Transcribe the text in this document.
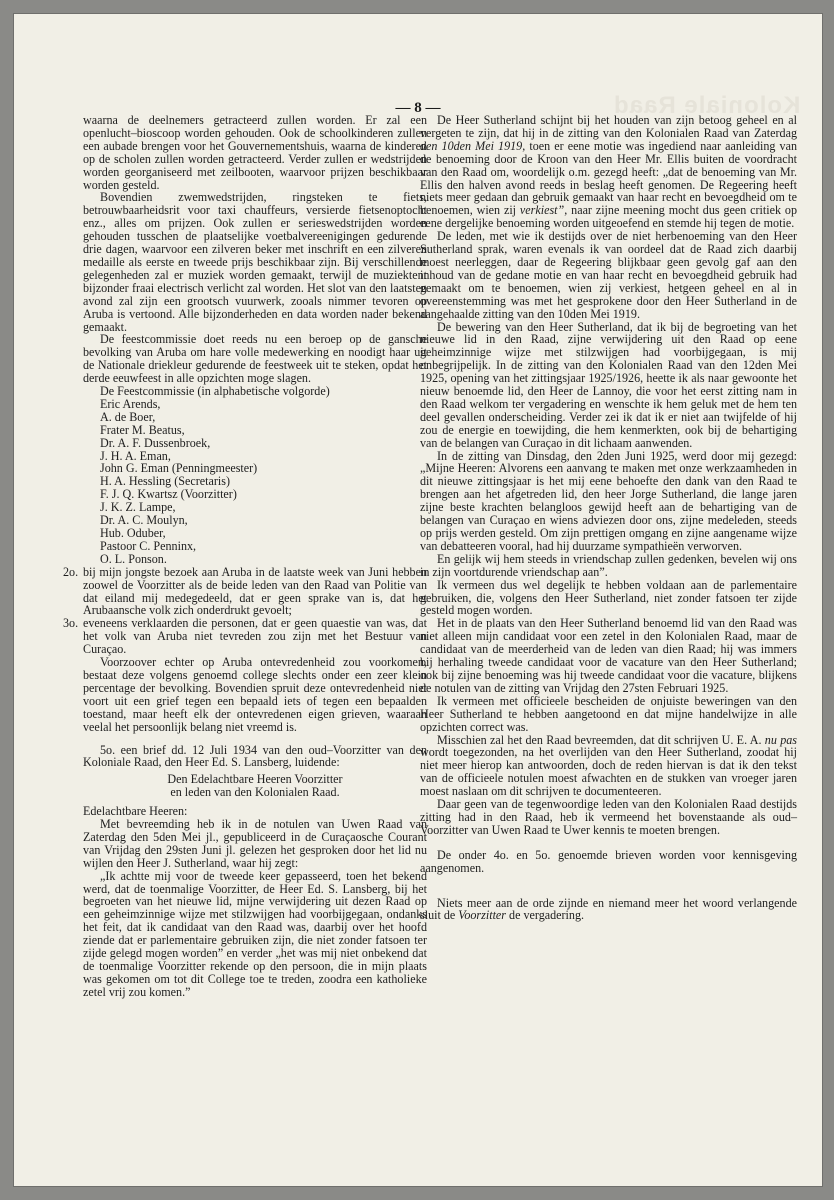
Koloniale Raad
— 8 —

waarna de deelnemers getracteerd zullen worden. Er zal een openlucht–bioscoop worden gehouden. Ook de schoolkinderen zullen een aubade brengen voor het Gouvernementshuis, waarna de kinderen op de scholen zullen worden getracteerd. Verder zullen er wedstrijden worden georganiseerd met zeilbooten, waarvoor prijzen beschikbaar worden gesteld.

Bovendien zwemwedstrijden, ringsteken te fiets, betrouwbaarheidsrit voor taxi chauffeurs, versierde fietsenoptocht enz., alles om prijzen. Ook zullen er serieswedstrijden worden gehouden tusschen de plaatselijke voetbalvereenigingen gedurende drie dagen, waarvoor een zilveren beker met inschrift en een zilveren medaille als eerste en tweede prijs beschikbaar zijn. Bij verschillende gelegenheden zal er muziek worden gemaakt, terwijl de muziektent bijzonder fraai electrisch verlicht zal worden. Het slot van den laatsten avond zal zijn een grootsch vuurwerk, zooals nimmer tevoren op Aruba is vertoond. Alle bijzonderheden en data worden nader bekend gemaakt.

De feestcommissie doet reeds nu een beroep op de gansche bevolking van Aruba om hare volle medewerking en noodigt haar uit de Nationale driekleur gedurende de feestweek uit te steken, opdat het derde eeuwfeest in alle opzichten moge slagen.

De Feestcommissie (in alphabetische volgorde)

Eric Arends,
A. de Boer,
Frater M. Beatus,
Dr. A. F. Dussenbroek,
J. H. A. Eman,
John G. Eman (Penningmeester)
H. A. Hessling (Secretaris)
F. J. Q. Kwartsz (Voorzitter)
J. K. Z. Lampe,
Dr. A. C. Moulyn,
Hub. Oduber,
Pastoor C. Penninx,
O. L. Ponson.
2o. bij mijn jongste bezoek aan Aruba in de laatste week van Juni hebben zoowel de Voorzitter als de beide leden van den Raad van Politie van dat eiland mij medegedeeld, dat er geen sprake van is, dat het Arubaansche volk zich onderdrukt gevoelt;
3o. eveneens verklaarden die personen, dat er geen quaestie van was, dat het volk van Aruba niet tevreden zou zijn met het Bestuur van Curaçao.

Voorzoover echter op Aruba ontevredenheid zou voorkomen, bestaat deze volgens genoemd college slechts onder een zeer klein percentage der bevolking. Bovendien spruit deze ontevredenheid niet voort uit een grief tegen een bepaald iets of tegen een bepaalden toestand, maar heeft elk der ontevredenen eigen grieven, waaraan veelal het persoonlijk belang niet vreemd is.

5o. een brief dd. 12 Juli 1934 van den oud–Voorzitter van den Koloniale Raad, den Heer Ed. S. Lansberg, luidende:

Den Edelachtbare Heeren Voorzitter
en leden van den Kolonialen Raad.

Edelachtbare Heeren:

Met bevreemding heb ik in de notulen van Uwen Raad van Zaterdag den 5den Mei jl., gepubliceerd in de Curaçaosche Courant van Vrijdag den 29sten Juni jl. gelezen het gesproken door het lid nu wijlen den Heer J. Sutherland, waar hij zegt:

„Ik achtte mij voor de tweede keer gepasseerd, toen het bekend werd, dat de toenmalige Voorzitter, de Heer Ed. S. Lansberg, bij het begroeten van het nieuwe lid, mijne verwijdering uit dezen Raad op een geheimzinnige wijze met stilzwijgen had voorbijgegaan, ondanks het feit, dat ik candidaat van den Raad was, daarbij over het hoofd ziende dat er parlementaire gebruiken zijn, die niet zonder fatsoen ter zijde gelegd mogen worden” en verder „het was mij niet onbekend dat de toenmalige Voorzitter rekende op den persoon, die in mijn plaats was gekomen om tot dit College toe te treden, zoodra een katholieke zetel vrij zou komen.”

De Heer Sutherland schijnt bij het houden van zijn betoog geheel en al vergeten te zijn, dat hij in de zitting van den Kolonialen Raad van Zaterdag den 10den Mei 1919, toen er eene motie was ingediend naar aanleiding van de benoeming door de Kroon van den Heer Mr. Ellis buiten de voordracht van den Raad om, woordelijk o.m. gezegd heeft: „dat de benoeming van Mr. Ellis den halven avond reeds in beslag heeft genomen. De Regeering heeft niets meer gedaan dan gebruik gemaakt van haar recht en bevoegdheid om te benoemen, wien zij verkiest”, naar zijne meening mocht dus geen critiek op eene dergelijke benoeming worden uitgeoefend en stemde hij tegen de motie.

De leden, met wie ik destijds over de niet herbenoeming van den Heer Sutherland sprak, waren evenals ik van oordeel dat de Raad zich daarbij moest neerleggen, daar de Regeering blijkbaar geen gevolg gaf aan den inhoud van de gedane motie en van haar recht en bevoegdheid gebruik had gemaakt om te benoemen, wien zij verkiest, hetgeen geheel en al in overeenstemming was met het gesprokene door den Heer Sutherland in de aangehaalde zitting van den 10den Mei 1919.

De bewering van den Heer Sutherland, dat ik bij de begroeting van het nieuwe lid in den Raad, zijne verwijdering uit den Raad op eene geheimzinnige wijze met stilzwijgen had voorbijgegaan, is mij onbegrijpelijk. In de zitting van den Kolonialen Raad van den 12den Mei 1925, opening van het zittingsjaar 1925/1926, heette ik als naar gewoonte het nieuw benoemde lid, den Heer de Lannoy, die voor het eerst zitting nam in den Raad welkom ter vergadering en wenschte ik hem geluk met de hem ten deel gevallen onderscheiding. Verder zei ik dat ik er niet aan twijfelde of hij zou de energie en toewijding, die hem kenmerkten, ook bij de behartiging van de belangen van Curaçao in dit lichaam aanwenden.

In de zitting van Dinsdag, den 2den Juni 1925, werd door mij gezegd: „Mijne Heeren: Alvorens een aanvang te maken met onze werkzaamheden in dit nieuwe zittingsjaar is het mij eene behoefte den dank van den Raad te brengen aan het afgetreden lid, den heer Jorge Sutherland, die lange jaren zijne beste krachten belangloos gewijd heeft aan de behartiging van de belangen van Curaçao en wiens adviezen door ons, zijne medeleden, steeds op prijs werden gesteld. Om zijn prettigen omgang en zijne aangename wijze van debatteeren vooral, had hij duurzame sympathieën verworven.

En gelijk wij hem steeds in vriendschap zullen gedenken, bevelen wij ons in zijn voortdurende vriendschap aan”.

Ik vermeen dus wel degelijk te hebben voldaan aan de parlementaire gebruiken, die, volgens den Heer Sutherland, niet zonder fatsoen ter zijde gesteld mogen worden.

Het in de plaats van den Heer Sutherland benoemd lid van den Raad was niet alleen mijn candidaat voor een zetel in den Kolonialen Raad, maar de candidaat van de meerderheid van de leden van dien Raad; hij was immers bij herhaling tweede candidaat voor de vacature van den Heer Sutherland; ook bij zijne benoeming was hij tweede candidaat voor die vacature, blijkens de notulen van de zitting van Vrijdag den 27sten Februari 1925.

Ik vermeen met officieele bescheiden de onjuiste beweringen van den Heer Sutherland te hebben aangetoond en dat mijne handelwijze in alle opzichten correct was.

Misschien zal het den Raad bevreemden, dat dit schrijven U. E. A. nu pas wordt toegezonden, na het overlijden van den Heer Sutherland, zoodat hij niet meer hierop kan antwoorden, doch de reden hiervan is dat ik den tekst van de officieele notulen moest afwachten en de stukken van vroeger jaren moest naslaan om dit schrijven te documenteeren.

Daar geen van de tegenwoordige leden van den Kolonialen Raad destijds zitting had in den Raad, heb ik vermeend het bovenstaande als oud–Voorzitter van Uwen Raad te Uwer kennis te moeten brengen.

De onder 4o. en 5o. genoemde brieven worden voor kennisgeving aangenomen.

Niets meer aan de orde zijnde en niemand meer het woord verlangende sluit de Voorzitter de vergadering.
